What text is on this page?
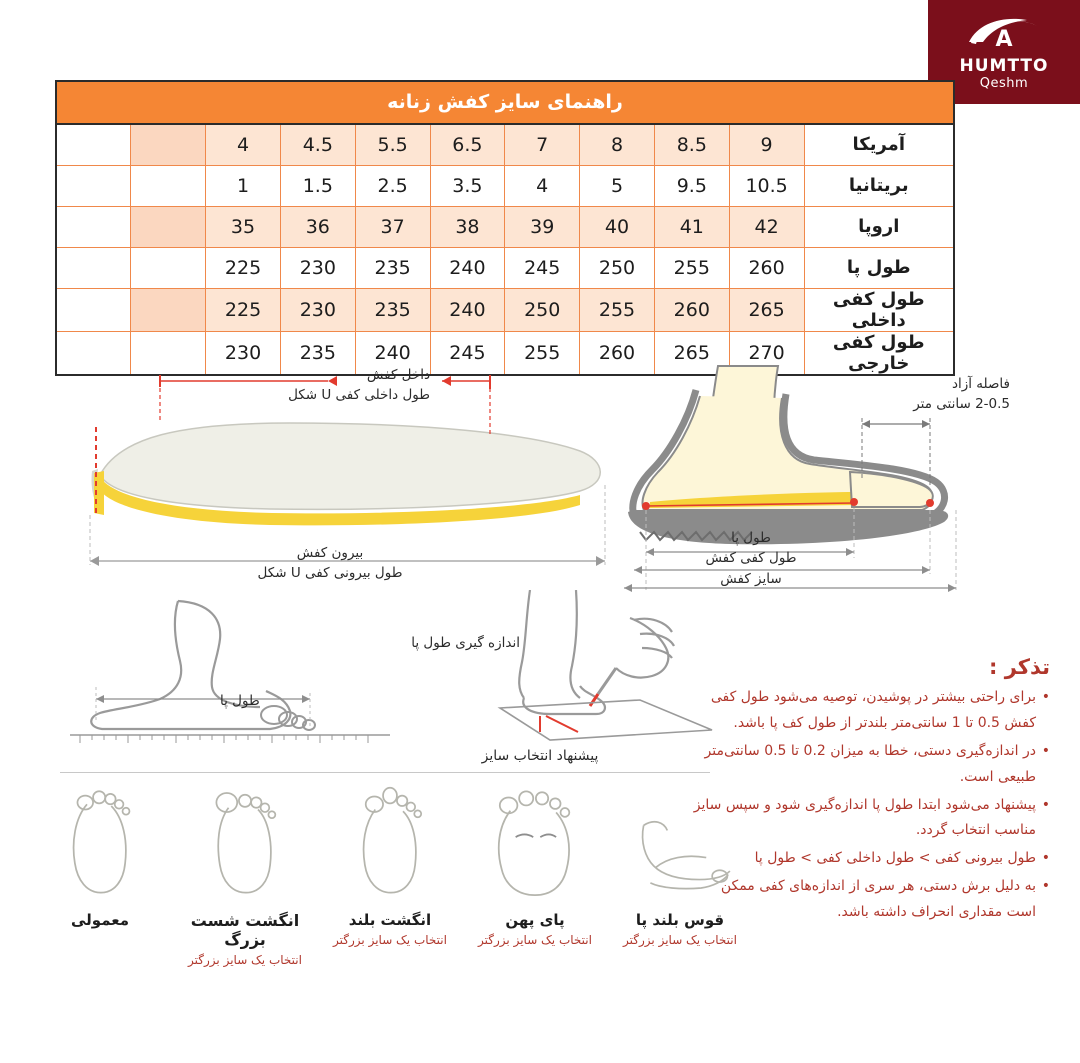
A
HUMTTO
Qeshm
راهنمای سایز کفش زنانه
آمریکا	9	8.5	8	7	6.5	5.5	4.5	4		
بریتانیا	10.5	9.5	5	4	3.5	2.5	1.5	1		
اروپا	42	41	40	39	38	37	36	35		
طول پا	260	255	250	245	240	235	230	225		
طول کفی داخلی	265	260	255	250	240	235	230	225		
طول کفی خارجی	270	265	260	255	245	240	235	230		
داخل کفش
طول داخلی کفی U شکل
بیرون کفش
طول بیرونی کفی U شکل
فاصله آزاد
2-0.5 سانتی متر
طول پا
طول کفی کفش
سایز کفش
اندازه گیری طول پا
طول پا
تذکر :
• برای راحتی بیشتر در پوشیدن، توصیه می‌شود طول کفی کفش 0.5 تا 1 سانتی‌متر بلندتر از طول کف پا باشد.
• در اندازه‌گیری دستی، خطا به میزان 0.2 تا 0.5 سانتی‌متر طبیعی است.
• پیشنهاد می‌شود ابتدا طول پا اندازه‌گیری شود و سپس سایز مناسب انتخاب گردد.
• طول بیرونی کفی > طول داخلی کفی > طول پا
• به دلیل برش دستی، هر سری از اندازه‌های کفی ممکن است مقداری انحراف داشته باشد.
پیشنهاد انتخاب سایز
معمولی	انگشت شست بزرگ
انتخاب یک سایز بزرگتر
انگشت بلند
انتخاب یک سایز بزرگتر
پای پهن
انتخاب یک سایز بزرگتر
قوس بلند پا
انتخاب یک سایز بزرگتر
